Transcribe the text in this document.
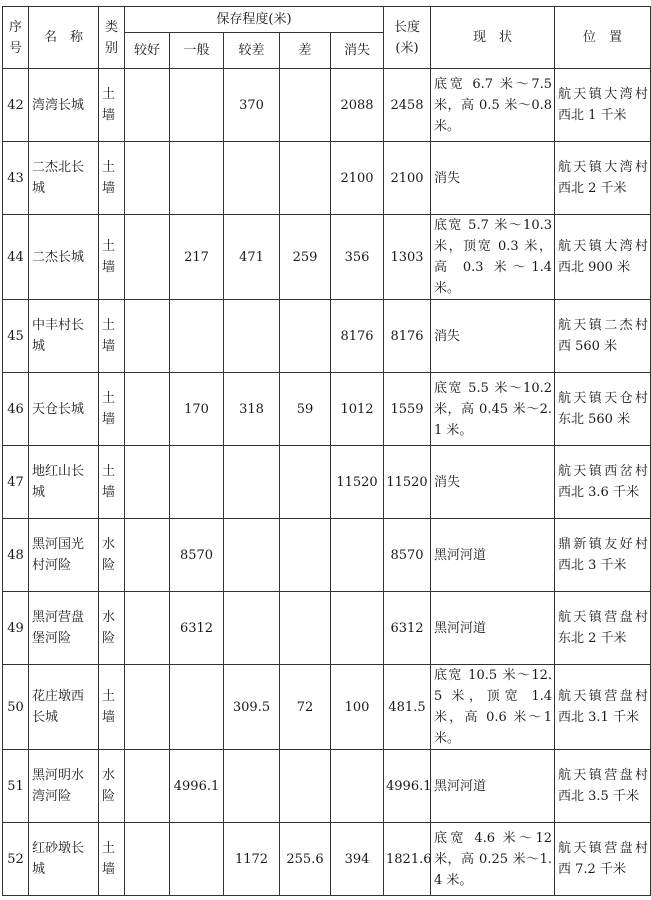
序号	名　称	类别	保存程度(米)					长度(米)	现　状	位　置
			较好	一般	较差	差	消失			
42	湾湾长城	土墙			370		2088	2458	底宽 6.7 米～7.5 米，高 0.5 米～0.8 米。	航天镇大湾村西北 1 千米
43	二杰北长城	土墙					2100	2100	消失	航天镇大湾村西北 2 千米
44	二杰长城	土墙		217	471	259	356	1303	底宽 5.7 米～10.3 米，顶宽 0.3 米，高 0.3 米～1.4 米。	航天镇大湾村西北 900 米
45	中丰村长城	土墙					8176	8176	消失	航天镇二杰村西 560 米
46	天仓长城	土墙		170	318	59	1012	1559	底宽 5.5 米～10.2 米，高 0.45 米～2.1 米。	航天镇天仓村东北 560 米
47	地红山长城	土墙					11520	11520	消失	航天镇西岔村西北 3.6 千米
48	黑河国光村河险	水险		8570				8570	黑河河道	鼎新镇友好村西北 3 千米
49	黑河营盘堡河险	水险		6312				6312	黑河河道	航天镇营盘村东北 2 千米
50	花庄墩西长城	土墙			309.5	72	100	481.5	底宽 10.5 米～12.5 米，顶宽 1.4 米，高 0.6 米～1 米。	航天镇营盘村西北 3.1 千米
51	黑河明水湾河险	水险		4996.1				4996.1	黑河河道	航天镇营盘村西北 3.5 千米
52	红砂墩长城	土墙			1172	255.6	394	1821.6	底宽 4.6 米～12 米，高 0.25 米～1.4 米。	航天镇营盘村西 7.2 千米
